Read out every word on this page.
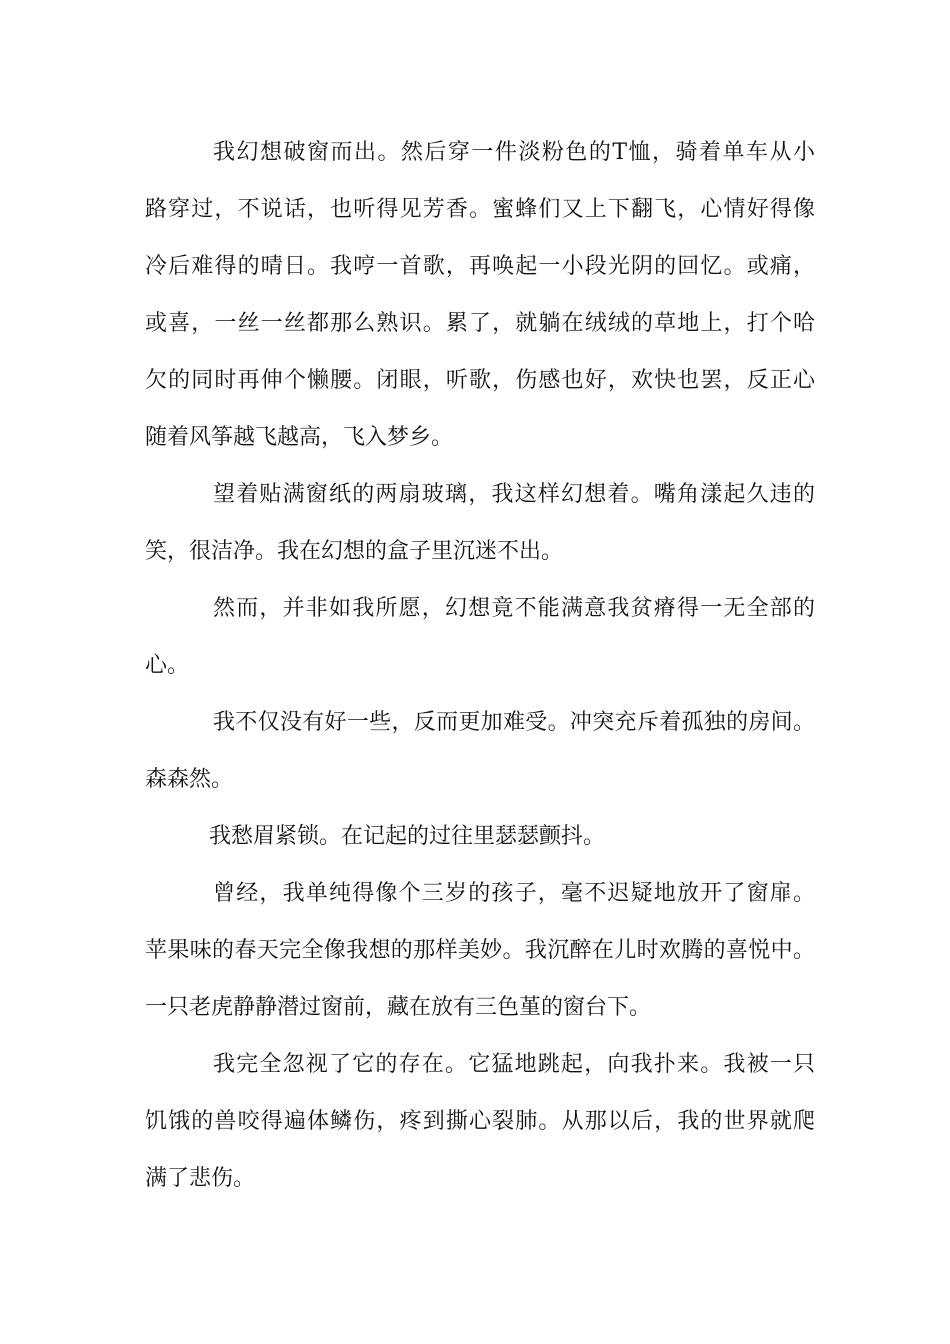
我幻想破窗而出。然后穿一件淡粉色的T恤，骑着单车从小
路穿过，不说话，也听得见芳香。蜜蜂们又上下翻飞，心情好得像
冷后难得的晴日。我哼一首歌，再唤起一小段光阴的回忆。或痛，
或喜，一丝一丝都那么熟识。累了，就躺在绒绒的草地上，打个哈
欠的同时再伸个懒腰。闭眼，听歌，伤感也好，欢快也罢，反正心
随着风筝越飞越高，飞入梦乡。
望着贴满窗纸的两扇玻璃，我这样幻想着。嘴角漾起久违的
笑，很洁净。我在幻想的盒子里沉迷不出。
然而，并非如我所愿，幻想竟不能满意我贫瘠得一无全部的
心。
我不仅没有好一些，反而更加难受。冲突充斥着孤独的房间。
森森然。
我愁眉紧锁。在记起的过往里瑟瑟颤抖。
曾经，我单纯得像个三岁的孩子，毫不迟疑地放开了窗扉。
苹果味的春天完全像我想的那样美妙。我沉醉在儿时欢腾的喜悦中。
一只老虎静静潜过窗前，藏在放有三色堇的窗台下。
我完全忽视了它的存在。它猛地跳起，向我扑来。我被一只
饥饿的兽咬得遍体鳞伤，疼到撕心裂肺。从那以后，我的世界就爬
满了悲伤。
